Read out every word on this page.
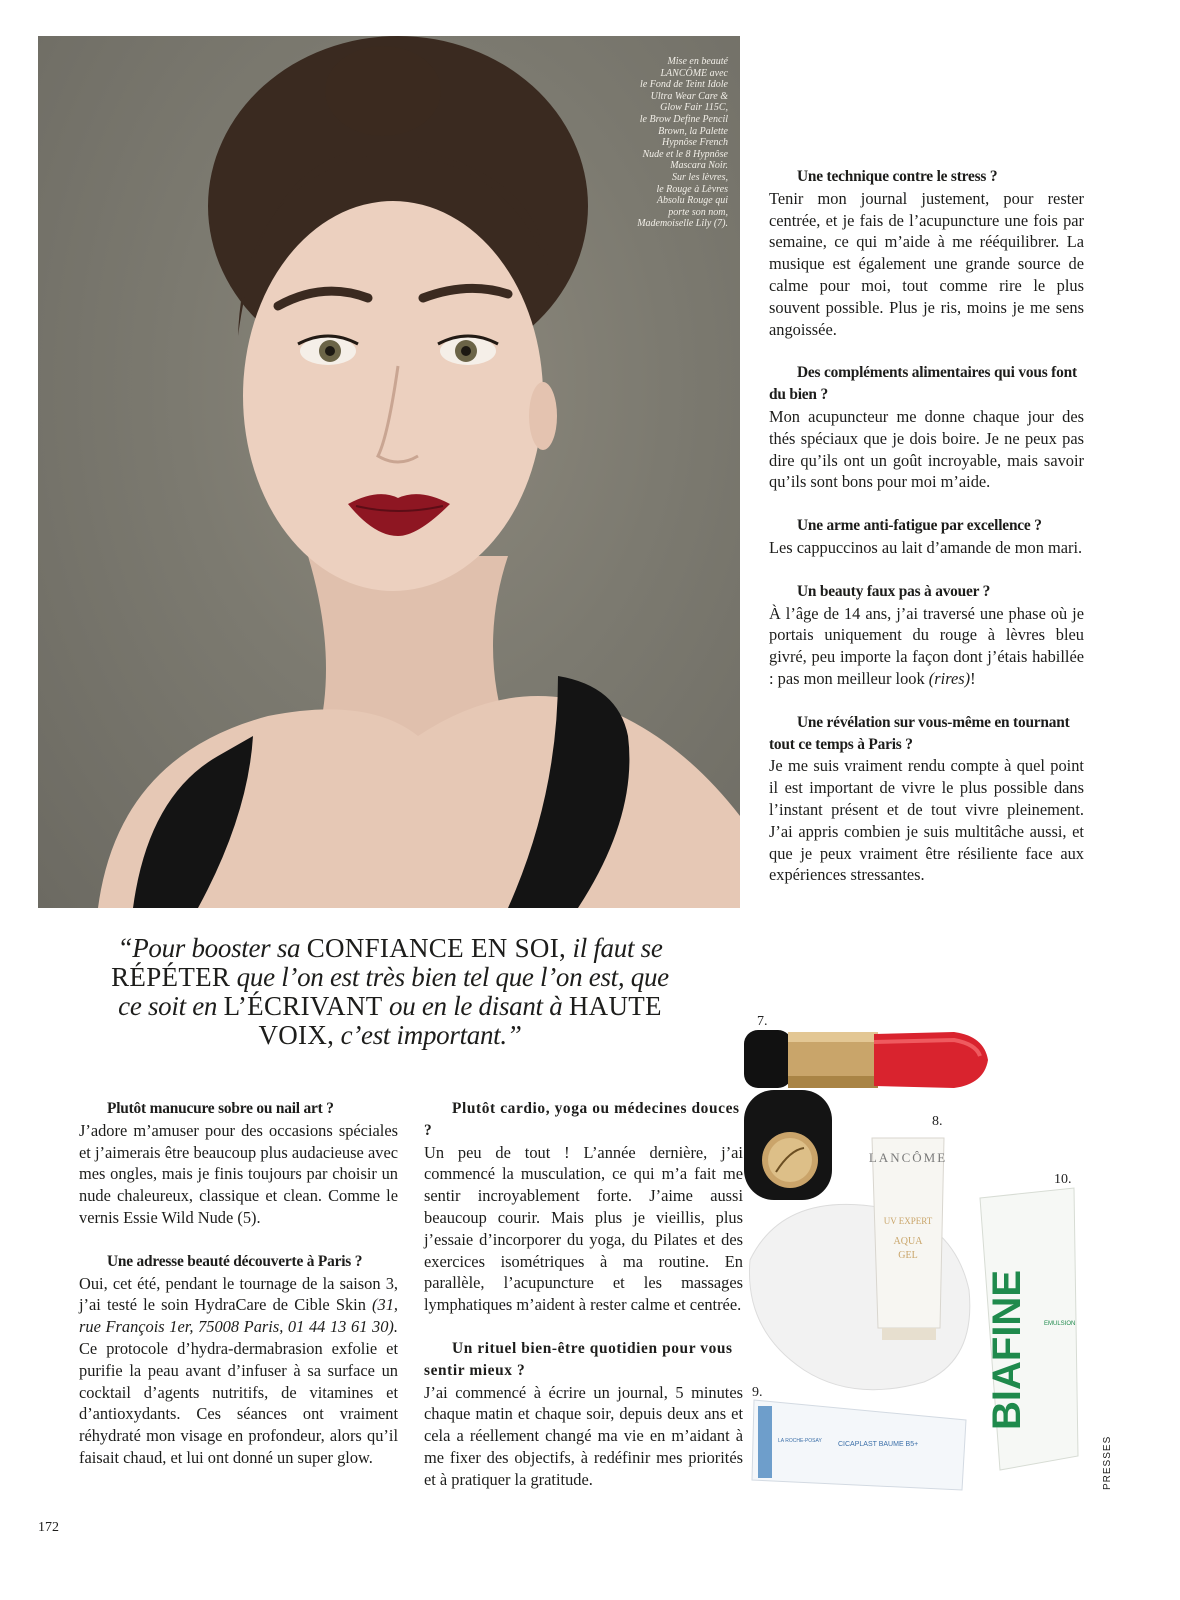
Mise en beauté
LANCÔME avec
le Fond de Teint Idole
Ultra Wear Care &
Glow Fair 115C,
le Brow Define Pencil
Brown, la Palette
Hypnôse French
Nude et le 8 Hypnôse
Mascara Noir.
Sur les lèvres,
le Rouge à Lèvres
Absolu Rouge qui
porte son nom,
Mademoiselle Lily (7).

Une technique contre le stress ?

Tenir mon journal justement, pour rester centrée, et je fais de l’acupuncture une fois par semaine, ce qui m’aide à me rééquilibrer. La musique est également une grande source de calme pour moi, tout comme rire le plus souvent possible. Plus je ris, moins je me sens angoissée.

Des compléments alimentaires qui vous font du bien ?

Mon acupuncteur me donne chaque jour des thés spéciaux que je dois boire. Je ne peux pas dire qu’ils ont un goût incroyable, mais savoir qu’ils sont bons pour moi m’aide.

Une arme anti-fatigue par excellence ?

Les cappuccinos au lait d’amande de mon mari.

Un beauty faux pas à avouer ?

À l’âge de 14 ans, j’ai traversé une phase où je portais uniquement du rouge à lèvres bleu givré, peu importe la façon dont j’étais habillée : pas mon meilleur look (rires)!

Une révélation sur vous-même en tournant tout ce temps à Paris ?

Je me suis vraiment rendu compte à quel point il est important de vivre le plus possible dans l’instant présent et de tout vivre pleinement. J’ai appris combien je suis multitâche aussi, et que je peux vraiment être résiliente face aux expériences stressantes.

“Pour booster sa CONFIANCE EN SOI, il faut se RÉPÉTER que l’on est très bien tel que l’on est, que ce soit en L’ÉCRIVANT ou en le disant à HAUTE VOIX, c’est important.”

Plutôt manucure sobre ou nail art ?

J’adore m’amuser pour des occasions spéciales et j’aimerais être beaucoup plus audacieuse avec mes ongles, mais je finis toujours par choisir un nude chaleureux, classique et clean. Comme le vernis Essie Wild Nude (5).

Une adresse beauté découverte à Paris ?

Oui, cet été, pendant le tournage de la saison 3, j’ai testé le soin HydraCare de Cible Skin (31, rue François 1er, 75008 Paris, 01 44 13 61 30). Ce protocole d’hydra-dermabrasion exfolie et purifie la peau avant d’infuser à sa surface un cocktail d’agents nutritifs, de vitamines et d’antioxydants. Ces séances ont vraiment réhydraté mon visage en profondeur, alors qu’il faisait chaud, et lui ont donné un super glow.

Plutôt cardio, yoga ou médecines douces ?

Un peu de tout ! L’année dernière, j’ai commencé la musculation, ce qui m’a fait me sentir incroyablement forte. J’aime aussi beaucoup courir. Mais plus je vieillis, plus j’essaie d’incorporer du yoga, du Pilates et des exercices isométriques à ma routine. En parallèle, l’acupuncture et les massages lymphatiques m’aident à rester calme et centrée.

Un rituel bien-être quotidien pour vous sentir mieux ?

J’ai commencé à écrire un journal, 5 minutes chaque matin et chaque soir, depuis deux ans et cela a réellement changé ma vie en m’aidant à me fixer des objectifs, à redéfinir mes priorités et à pratiquer la gratitude.

LANCÔME
UV EXPERT
AQUA
GEL
BIAFINE	EMULSION
LA ROCHE-POSAY CICAPLAST BAUME B5+
7.
8.
9.
10.
172
PRESSES
